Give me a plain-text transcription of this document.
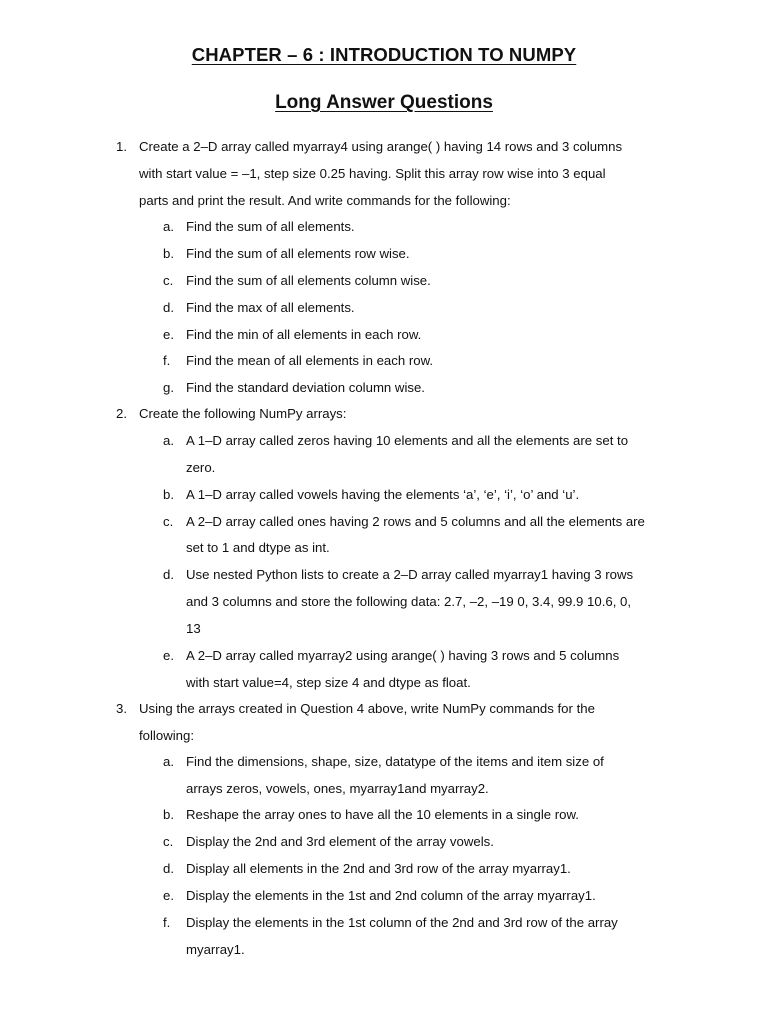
CHAPTER – 6 : INTRODUCTION TO NUMPY
Long Answer Questions
1. Create a 2–D array called myarray4 using arange( ) having 14 rows and 3 columns
with start value = –1, step size 0.25 having. Split this array row wise into 3 equal
parts and print the result. And write commands for the following:
a. Find the sum of all elements.
b. Find the sum of all elements row wise.
c. Find the sum of all elements column wise.
d. Find the max of all elements.
e. Find the min of all elements in each row.
f. Find the mean of all elements in each row.
g. Find the standard deviation column wise.
2. Create the following NumPy arrays:
a. A 1–D array called zeros having 10 elements and all the elements are set to
zero.
b. A 1–D array called vowels having the elements ‘a’, ‘e’, ‘i’, ‘o’ and ‘u’.
c. A 2–D array called ones having 2 rows and 5 columns and all the elements are
set to 1 and dtype as int.
d. Use nested Python lists to create a 2–D array called myarray1 having 3 rows
and 3 columns and store the following data: 2.7, –2, –19 0, 3.4, 99.9 10.6, 0,
13
e. A 2–D array called myarray2 using arange( ) having 3 rows and 5 columns
with start value=4, step size 4 and dtype as float.
3. Using the arrays created in Question 4 above, write NumPy commands for the
following:
a. Find the dimensions, shape, size, datatype of the items and item size of
arrays zeros, vowels, ones, myarray1and myarray2.
b. Reshape the array ones to have all the 10 elements in a single row.
c. Display the 2nd and 3rd element of the array vowels.
d. Display all elements in the 2nd and 3rd row of the array myarray1.
e. Display the elements in the 1st and 2nd column of the array myarray1.
f. Display the elements in the 1st column of the 2nd and 3rd row of the array
myarray1.
